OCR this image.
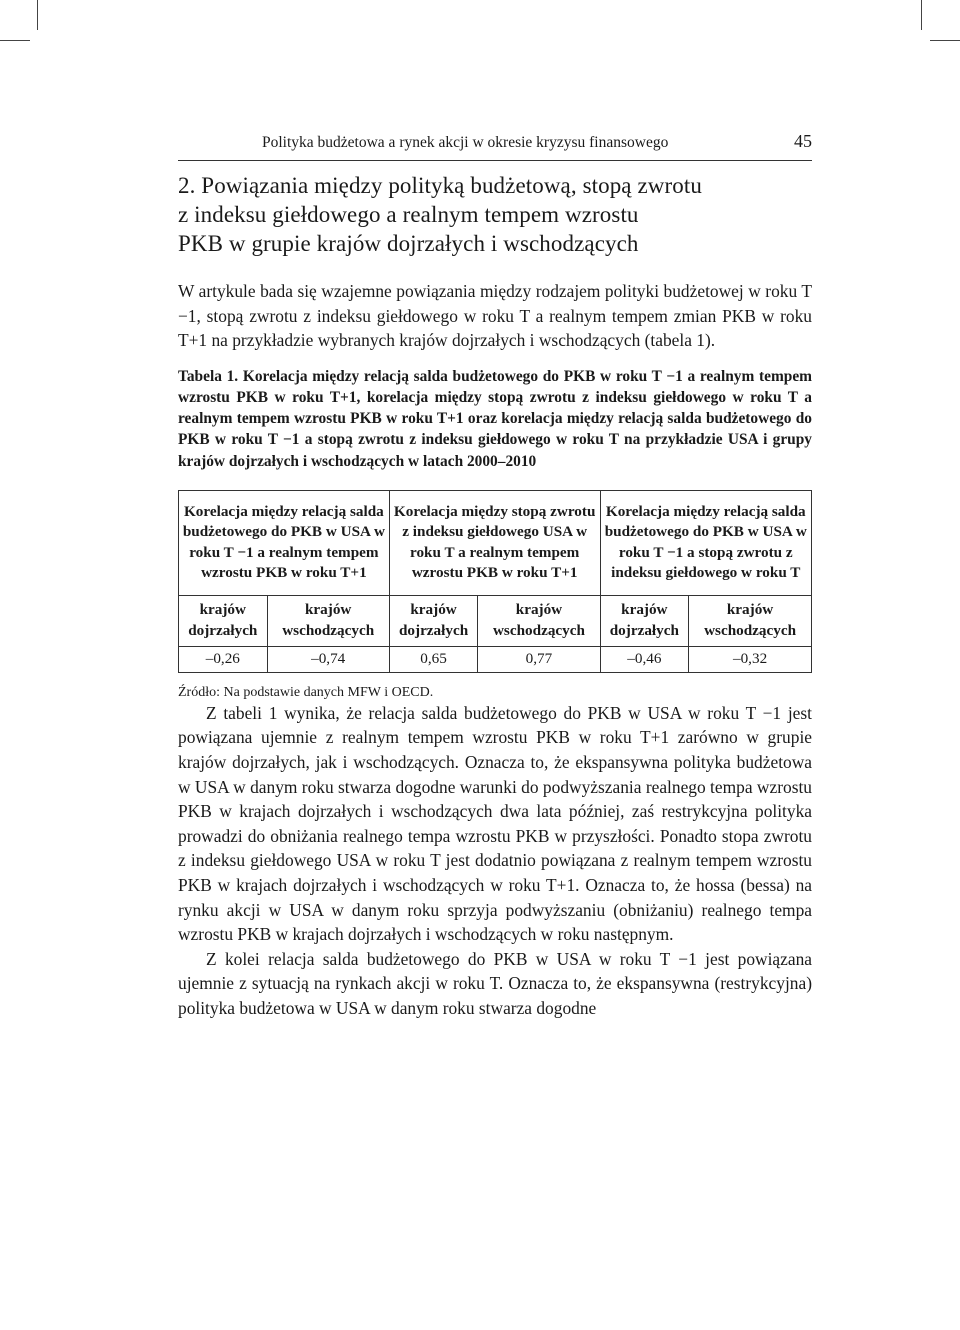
Polityka budżetowa a rynek akcji w okresie kryzysu finansowego	45
2. Powiązania między polityką budżetową, stopą zwrotu
z indeksu giełdowego a realnym tempem wzrostu
PKB w grupie krajów dojrzałych i wschodzących

W artykule bada się wzajemne powiązania między rodzajem polityki budżetowej w roku T −1, stopą zwrotu z indeksu giełdowego w roku T a realnym tempem zmian PKB w roku T+1 na przykładzie wybranych krajów dojrzałych i wschodzących (tabela 1).

Tabela 1. Korelacja między relacją salda budżetowego do PKB w roku T −1 a realnym tempem wzrostu PKB w roku T+1, korelacja między stopą zwrotu z indeksu giełdowego w roku T a realnym tempem wzrostu PKB w roku T+1 oraz korelacja między relacją salda budżetowego do PKB w roku T −1 a stopą zwrotu z indeksu giełdowego w roku T na przykładzie USA i grupy krajów dojrzałych i wschodzących w latach 2000–2010
Korelacja między relacją salda budżetowego do PKB w USA w roku T −1 a realnym tempem wzrostu PKB w roku T+1		Korelacja między stopą zwrotu z indeksu giełdowego USA w roku T a realnym tempem wzrostu PKB w roku T+1		Korelacja między relacją salda budżetowego do PKB w USA w roku T −1 a stopą zwrotu z indeksu giełdowego w roku T	
krajów dojrzałych	krajów wschodzących	krajów dojrzałych	krajów wschodzących	krajów dojrzałych	krajów wschodzących
–0,26	–0,74	0,65	0,77	–0,46	–0,32
Źródło: Na podstawie danych MFW i OECD.

Z tabeli 1 wynika, że relacja salda budżetowego do PKB w USA w roku T −1 jest powiązana ujemnie z realnym tempem wzrostu PKB w roku T+1 zarówno w grupie krajów dojrzałych, jak i wschodzących. Oznacza to, że ekspansywna polityka budżetowa w USA w danym roku stwarza dogodne warunki do podwyższania realnego tempa wzrostu PKB w krajach dojrzałych i wschodzących dwa lata później, zaś restrykcyjna polityka prowadzi do obniżania realnego tempa wzrostu PKB w przyszłości. Ponadto stopa zwrotu z indeksu giełdowego USA w roku T jest dodatnio powiązana z realnym tempem wzrostu PKB w krajach dojrzałych i wschodzących w roku T+1. Oznacza to, że hossa (bessa) na rynku akcji w USA w danym roku sprzyja podwyższaniu (obniżaniu) realnego tempa wzrostu PKB w krajach dojrzałych i wschodzących w roku następnym.

Z kolei relacja salda budżetowego do PKB w USA w roku T −1 jest powiązana ujemnie z sytuacją na rynkach akcji w roku T. Oznacza to, że ekspansywna (restrykcyjna) polityka budżetowa w USA w danym roku stwarza dogodne
